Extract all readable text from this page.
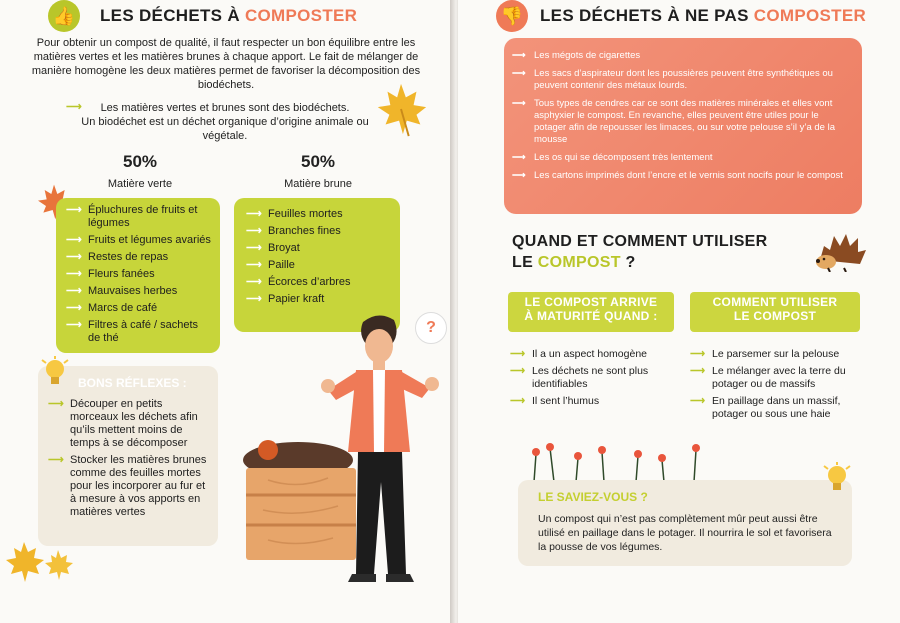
👍 LES DÉCHETS À COMPOSTER
Pour obtenir un compost de qualité, il faut respecter un bon équilibre entre les matières vertes et les matières brunes à chaque apport. Le fait de mélanger de manière homogène les deux matières permet de favoriser la décomposition des biodéchets.
⟶	Les matières vertes et brunes sont des biodéchets.
Un biodéchet est un déchet organique d’origine animale ou végétale.
50%
Matière verte
50%
Matière brune
⟶ Épluchures de fruits et légumes
⟶ Fruits et légumes avariés
⟶ Restes de repas
⟶ Fleurs fanées
⟶ Mauvaises herbes
⟶ Marcs de café
⟶ Filtres à café / sachets de thé
⟶ Feuilles mortes
⟶ Branches fines
⟶ Broyat
⟶ Paille
⟶ Écorces d’arbres
⟶ Papier kraft
?
BONS RÉFLEXES :
⟶ Découper en petits morceaux les déchets afin qu’ils mettent moins de temps à se décomposer
⟶ Stocker les matières brunes comme des feuilles mortes pour les incorporer au fur et à mesure à vos apports en matières vertes
👎 LES DÉCHETS À NE PAS COMPOSTER
⟶ Les mégots de cigarettes
⟶ Les sacs d’aspirateur dont les poussières peuvent être synthétiques ou peuvent contenir des métaux lourds.
⟶ Tous types de cendres car ce sont des matières minérales et elles vont asphyxier le compost. En revanche, elles peuvent être utiles pour le potager afin de repousser les limaces, ou sur votre pelouse s’il y’a de la mousse
⟶ Les os qui se décomposent très lentement
⟶ Les cartons imprimés dont l’encre et le vernis sont nocifs pour le compost
QUAND ET COMMENT UTILISER
LE COMPOST ?
LE COMPOST ARRIVE
À MATURITÉ QUAND :
COMMENT UTILISER
LE COMPOST
⟶ Il a un aspect homogène
⟶ Les déchets ne sont plus identifiables
⟶ Il sent l’humus
⟶ Le parsemer sur la pelouse
⟶ Le mélanger avec la terre du potager ou de massifs
⟶ En paillage dans un massif, potager ou sous une haie
LE SAVIEZ-VOUS ?
Un compost qui n’est pas complètement mûr peut aussi être utilisé en paillage dans le potager. Il nourrira le sol et favorisera la pousse de vos légumes.
